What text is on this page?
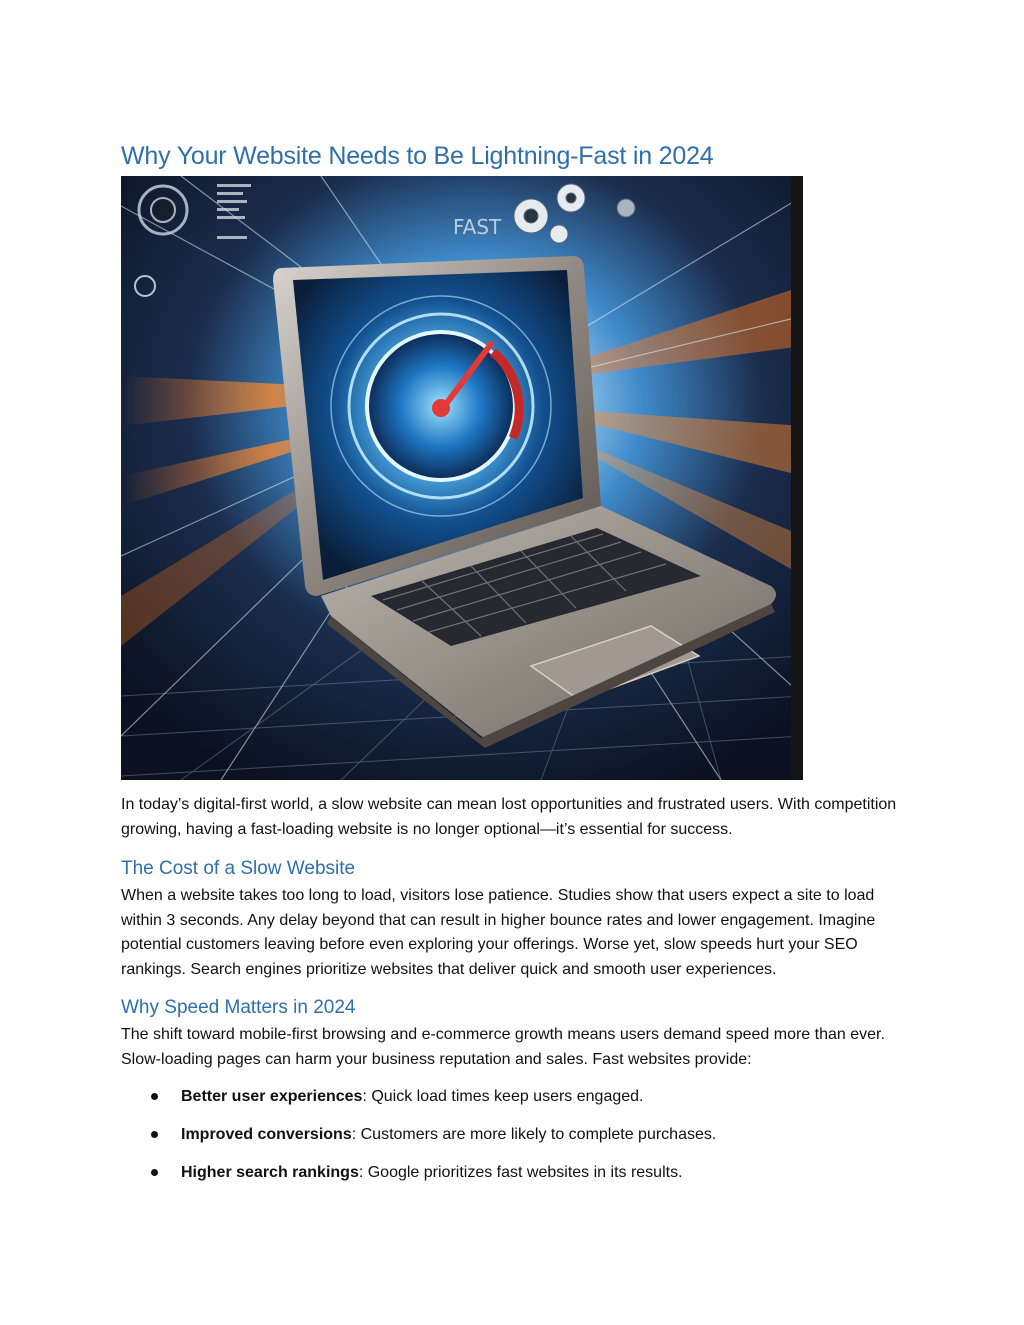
Why Your Website Needs to Be Lightning-Fast in 2024
FAST

In today’s digital-first world, a slow website can mean lost opportunities and frustrated users. With competition growing, having a fast-loading website is no longer optional—it’s essential for success.

The Cost of a Slow Website

When a website takes too long to load, visitors lose patience. Studies show that users expect a site to load within 3 seconds. Any delay beyond that can result in higher bounce rates and lower engagement. Imagine potential customers leaving before even exploring your offerings. Worse yet, slow speeds hurt your SEO rankings. Search engines prioritize websites that deliver quick and smooth user experiences.

Why Speed Matters in 2024

The shift toward mobile-first browsing and e-commerce growth means users demand speed more than ever. Slow-loading pages can harm your business reputation and sales. Fast websites provide:

Better user experiences: Quick load times keep users engaged.
Improved conversions: Customers are more likely to complete purchases.
Higher search rankings: Google prioritizes fast websites in its results.
